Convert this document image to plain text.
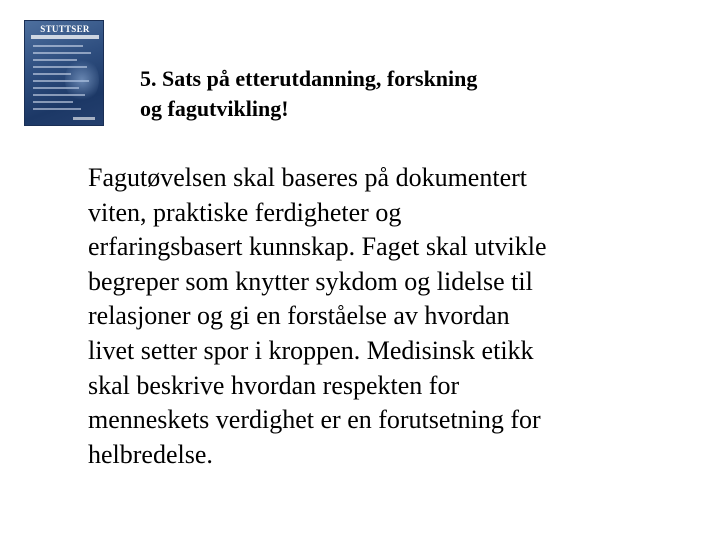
STUTTSER
5. Sats på etterutdanning, forskning
og fagutvikling!
Fagutøvelsen skal baseres på dokumentert
viten, praktiske ferdigheter og
erfaringsbasert kunnskap. Faget skal utvikle
begreper som knytter sykdom og lidelse til
relasjoner og gi en forståelse av hvordan
livet setter spor i kroppen. Medisinsk etikk
skal beskrive hvordan respekten for
menneskets verdighet er en forutsetning for
helbredelse.
